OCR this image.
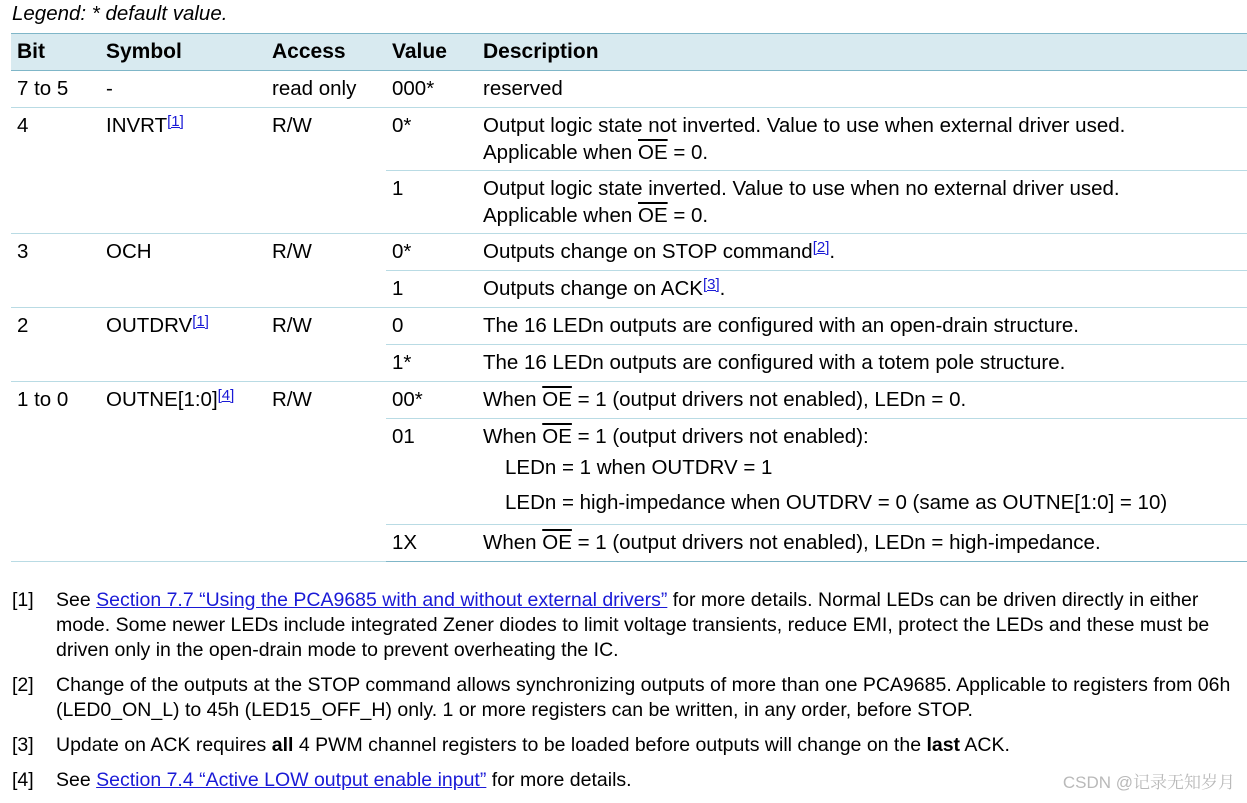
Legend: * default value.
Bit	Symbol	Access	Value	Description
7 to 5	-	read only	000*	reserved
4	INVRT[1]	R/W	0*	Output logic state not inverted. Value to use when external driver used.
Applicable when $\overline{OE} = 0$.

			1	Output logic state inverted. Value to use when no external driver used.
Applicable when $\overline{OE} = 0$.

3	OCH	R/W	0*	Outputs change on STOP command[2].
			1	Outputs change on ACK[3].
2	OUTDRV[1]	R/W	0	The 16 LEDn outputs are configured with an open-drain structure.
			1*	The 16 LEDn outputs are configured with a totem pole structure.
1 to 0	OUTNE[1:0][4]	R/W	00*	When $\overline{OE} = 1$ (output drivers not enabled), LEDn = 0.
			01	When $\overline{OE} = 1$ (output drivers not enabled):
LEDn = 1 when OUTDRV = 1
LEDn = high-impedance when OUTDRV = 0 (same as OUTNE[1:0] = 10)

			1X	When $\overline{OE} = 1$ (output drivers not enabled), LEDn = high-impedance.
[1]	See Section 7.7 “Using the PCA9685 with and without external drivers” for more details. Normal LEDs can be driven directly in either mode. Some newer LEDs include integrated Zener diodes to limit voltage transients, reduce EMI, protect the LEDs and these must be driven only in the open-drain mode to prevent overheating the IC.
[2]	Change of the outputs at the STOP command allows synchronizing outputs of more than one PCA9685. Applicable to registers from 06h (LED0_ON_L) to 45h (LED15_OFF_H) only. 1 or more registers can be written, in any order, before STOP.
[3]	Update on ACK requires all 4 PWM channel registers to be loaded before outputs will change on the last ACK.
[4]	See Section 7.4 “Active LOW output enable input” for more details.	CSDN @记录无知岁月
